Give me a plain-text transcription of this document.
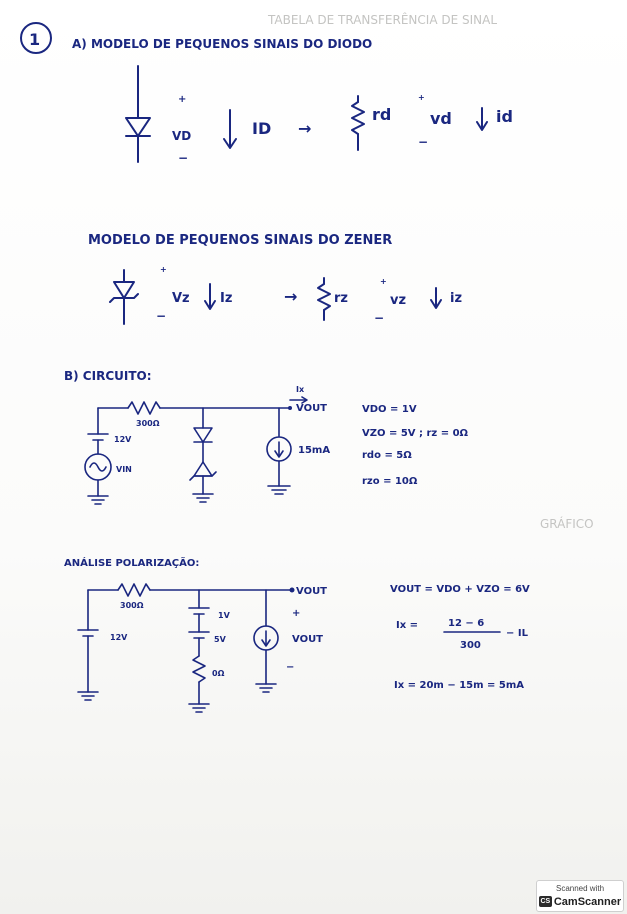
TABELA DE TRANSFERÊNCIA DE SINAL
GRÁFICO
1	A) MODELO DE PEQUENOS SINAIS DO DIODO
+
VD
−
ID →
rd
+
vd
−
id
MODELO DE PEQUENOS SINAIS DO ZENER
+
Vz
−
Iz	→	rz
+
−
vz	iz
B) CIRCUITO:
300Ω
12V
VIN
Ix
VOUT
15mA
VDO = 1V
VZO = 5V ; rz = 0Ω
rdo = 5Ω
rzo = 10Ω
ANÁLISE POLARIZAÇÃO:
300Ω
12V
1V
5V
0Ω
VOUT
+
VOUT
−
VOUT = VDO + VZO = 6V
Ix =	12 − 6
300
− IL
Ix = 20m − 15m = 5mA
Scanned with
CS CamScanner
